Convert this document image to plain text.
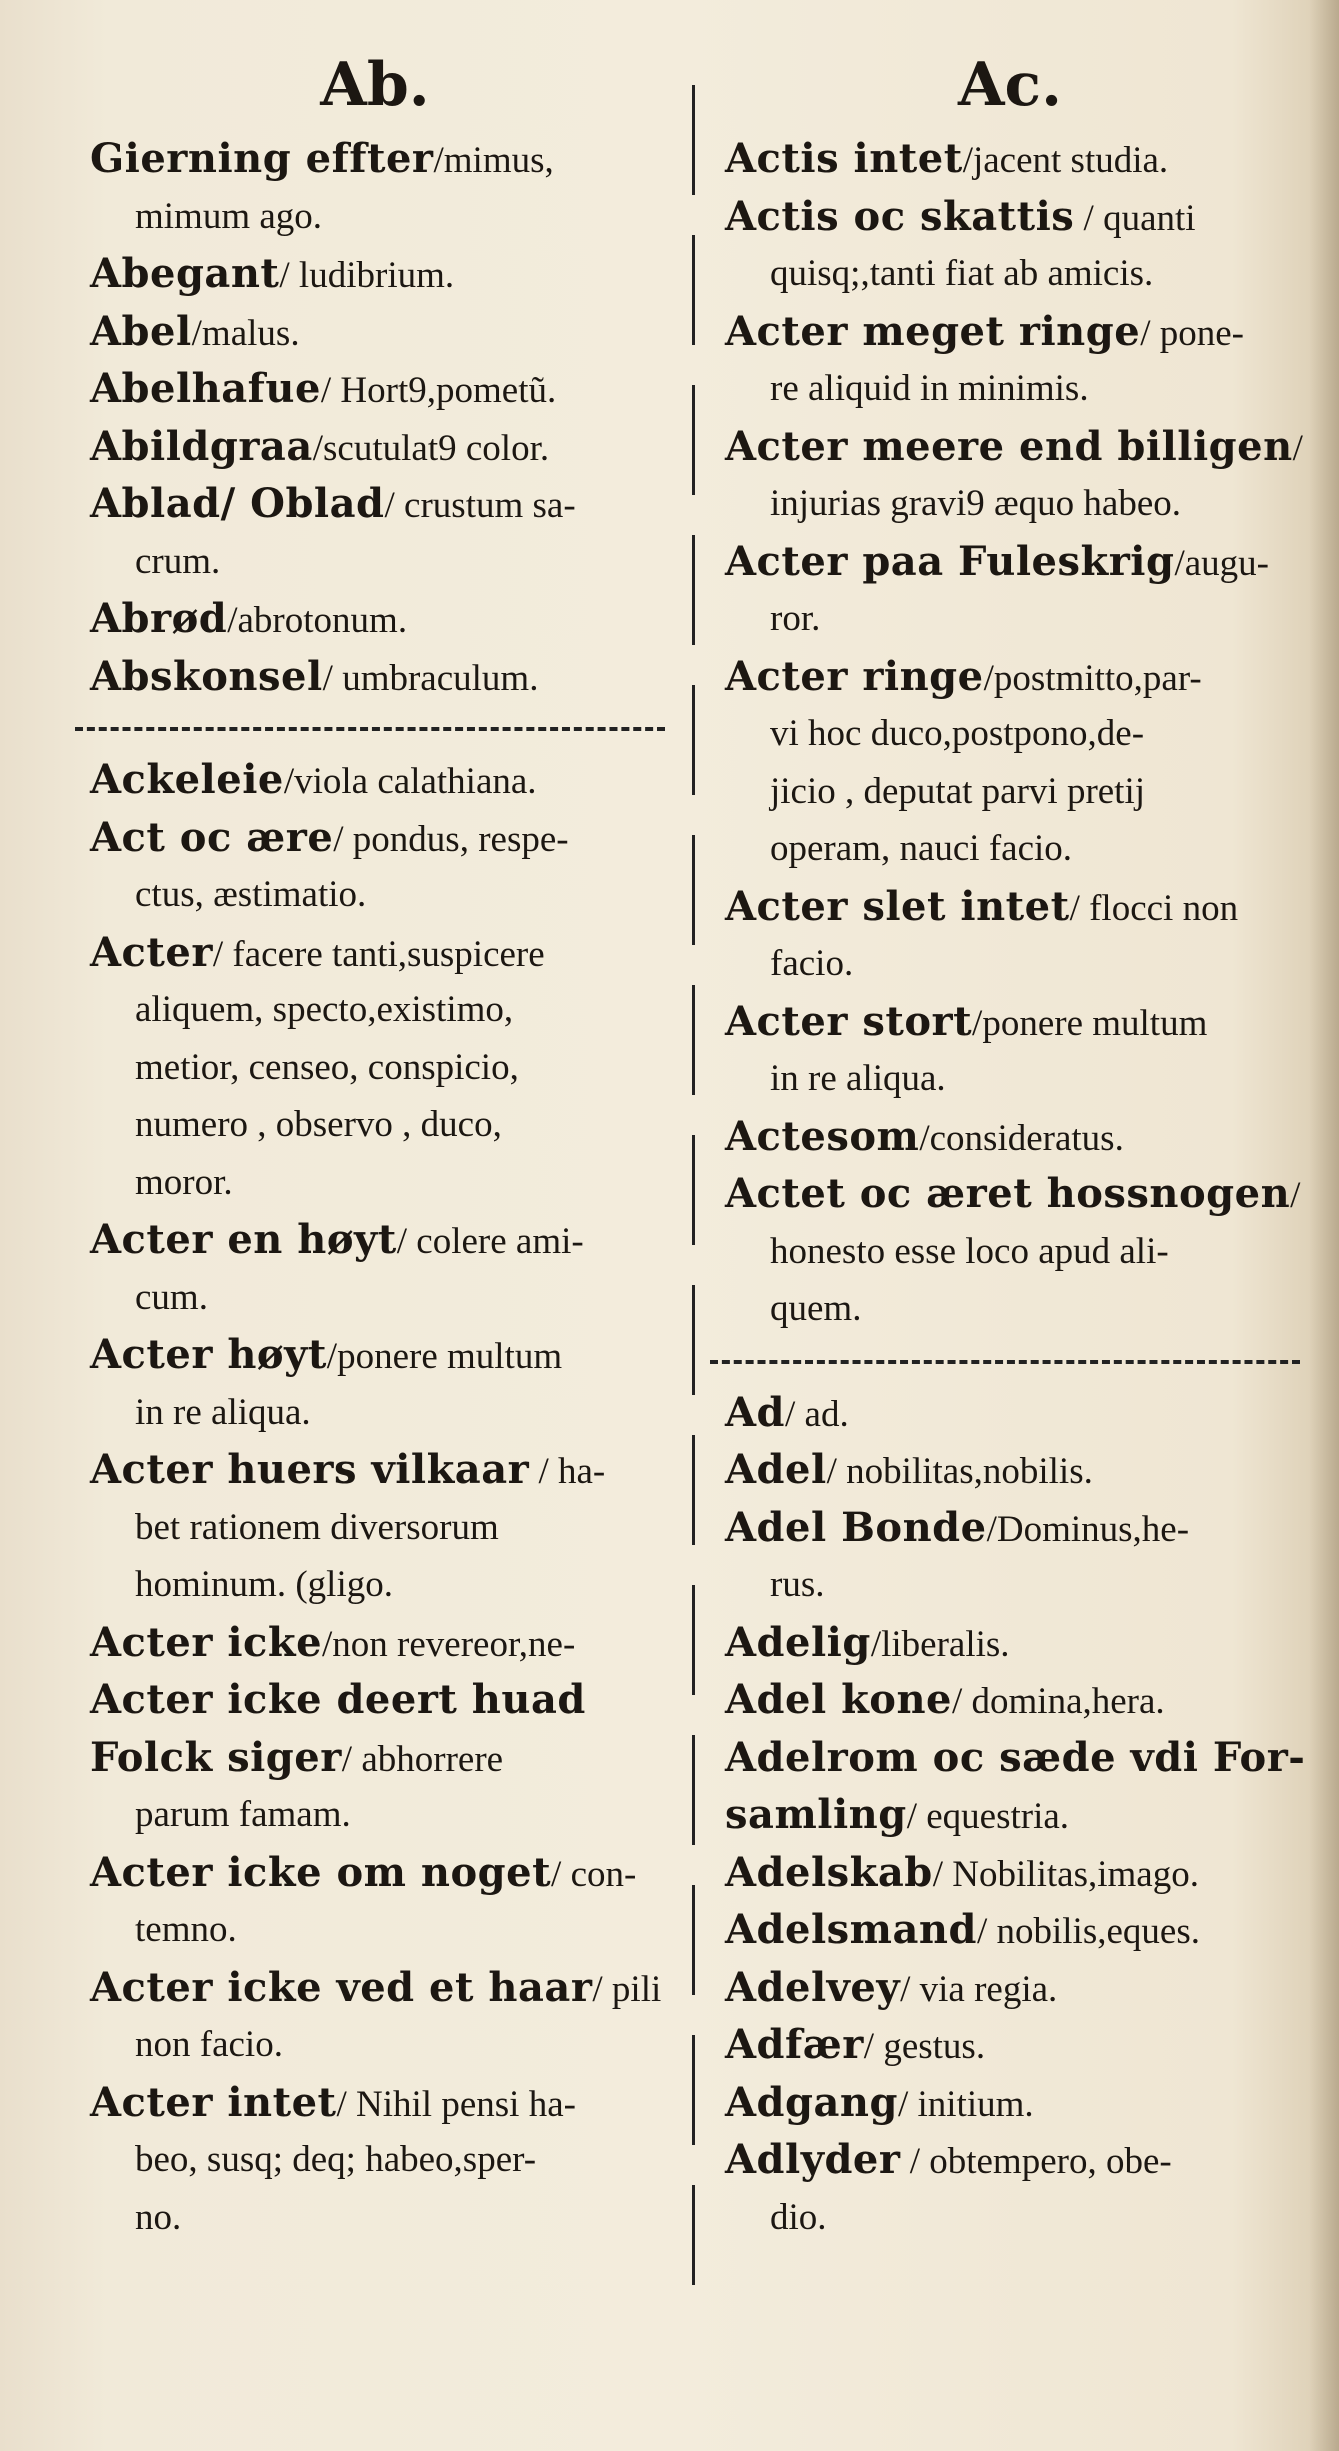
Ab.
Gierning effter/mimus,
mimum ago.
Abegant/ ludibrium.
Abel/malus.
Abelhafue/ Hort9,pometũ.
Abildgraa/scutulat9 color.
Ablad/ Oblad/ crustum sa-
crum.
Abrød/abrotonum.
Abskonsel/ umbraculum.
Ackeleie/viola calathiana.
Act oc ære/ pondus, respe-
ctus, æstimatio.
Acter/ facere tanti,suspicere
aliquem, specto,existimo,
metior, censeo, conspicio,
numero , observo , duco,
moror.
Acter en høyt/ colere ami-
cum.
Acter høyt/ponere multum
in re aliqua.
Acter huers vilkaar / ha-
bet rationem diversorum
hominum. (gligo.
Acter icke/non revereor,ne-
Acter icke deert huad
Folck siger/ abhorrere
parum famam.
Acter icke om noget/ con-
temno.
Acter icke ved et haar/ pili
non facio.
Acter intet/ Nihil pensi ha-
beo, susq; deq; habeo,sper-
no.
Ac.
Actis intet/jacent studia.
Actis oc skattis / quanti
quisq;,tanti fiat ab amicis.
Acter meget ringe/ pone-
re aliquid in minimis.
Acter meere end billigen/
injurias gravi9 æquo habeo.
Acter paa Fuleskrig/augu-
ror.
Acter ringe/postmitto,par-
vi hoc duco,postpono,de-
jicio , deputat parvi pretij
operam, nauci facio.
Acter slet intet/ flocci non
facio.
Acter stort/ponere multum
in re aliqua.
Actesom/consideratus.
Actet oc æret hossnogen/
honesto esse loco apud ali-
quem.
Ad/ ad.
Adel/ nobilitas,nobilis.
Adel Bonde/Dominus,he-
rus.
Adelig/liberalis.
Adel kone/ domina,hera.
Adelrom oc sæde vdi For-
samling/ equestria.
Adelskab/ Nobilitas,imago.
Adelsmand/ nobilis,eques.
Adelvey/ via regia.
Adfær/ gestus.
Adgang/ initium.
Adlyder / obtempero, obe-
dio.
